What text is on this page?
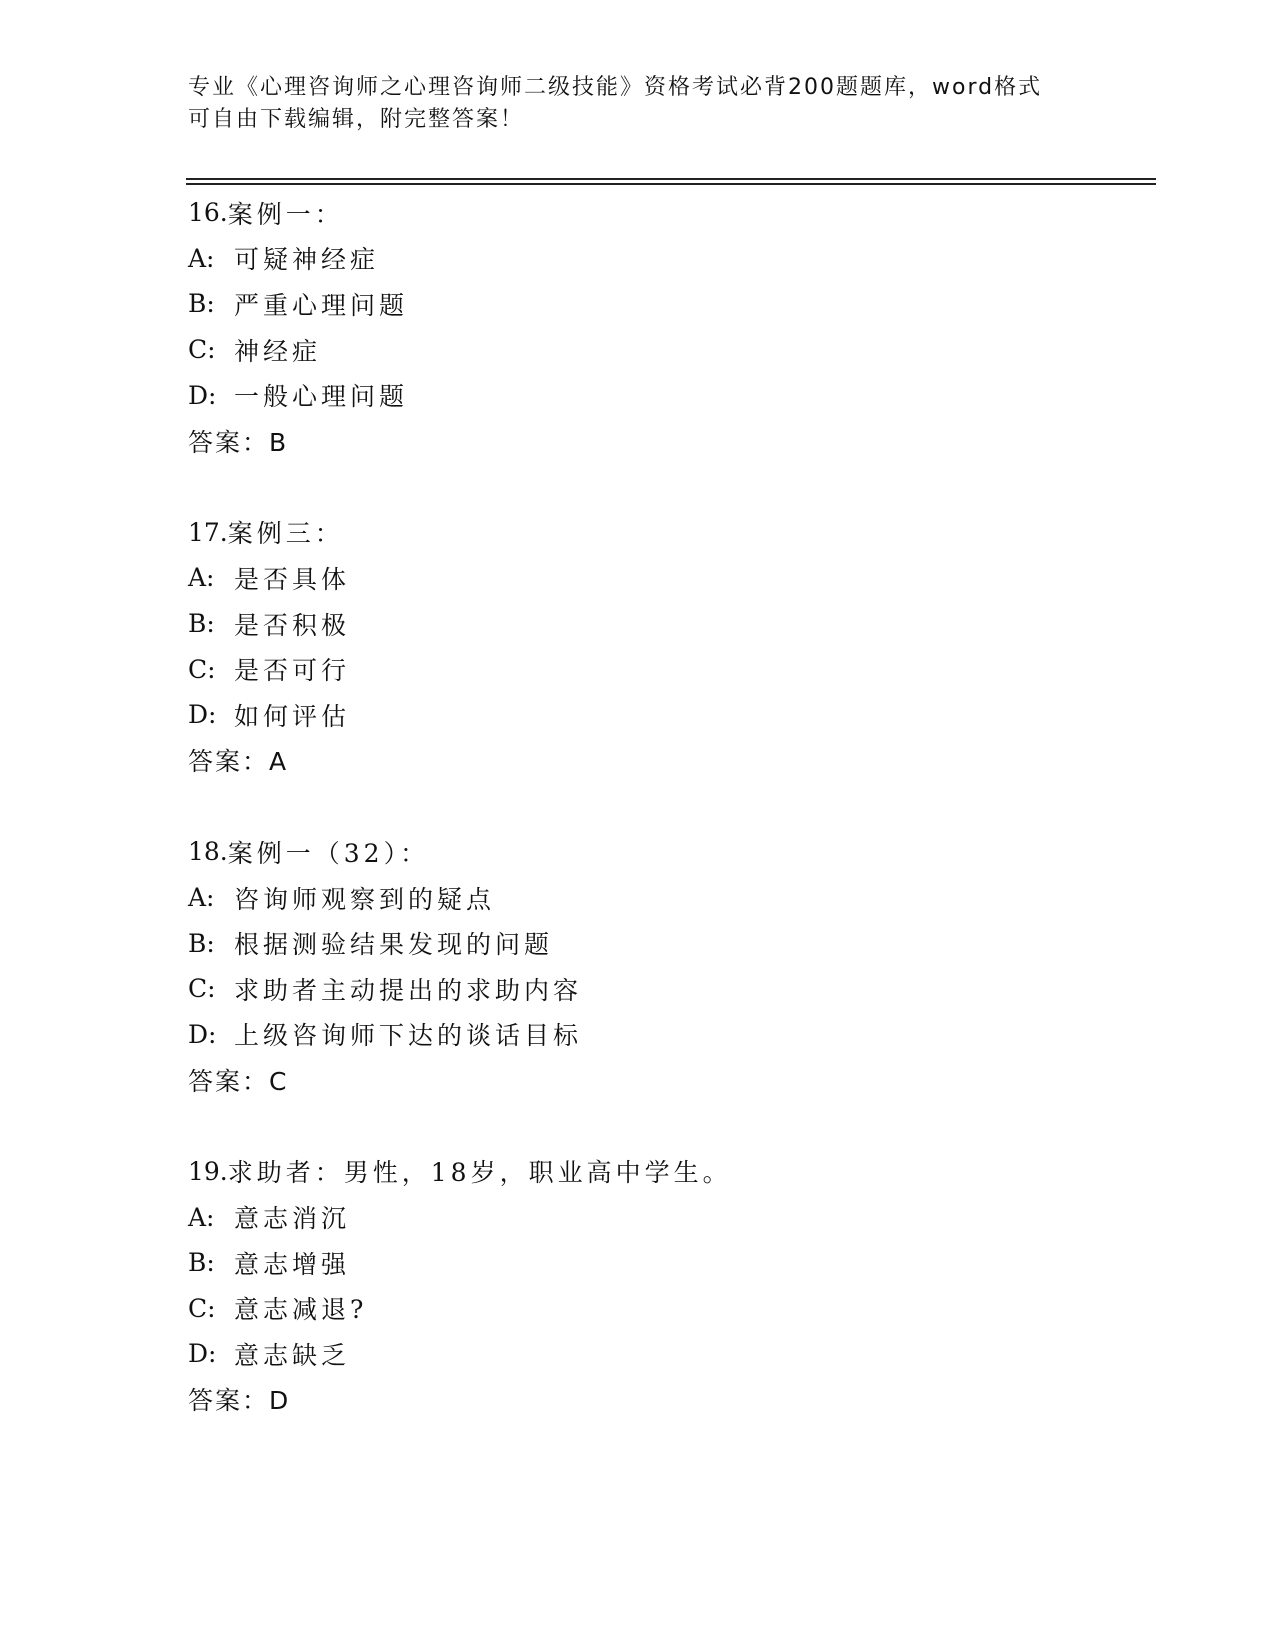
专业《心理咨询师之心理咨询师二级技能》资格考试必背200题题库，word格式
可自由下载编辑，附完整答案！
16. 案例一：
A: 可疑神经症
B: 严重心理问题
C: 神经症
D: 一般心理问题
答案：B
17. 案例三：
A: 是否具体
B: 是否积极
C: 是否可行
D: 如何评估
答案：A
18. 案例一（32）：
A: 咨询师观察到的疑点
B: 根据测验结果发现的问题
C: 求助者主动提出的求助内容
D: 上级咨询师下达的谈话目标
答案：C
19. 求助者：男性，18岁，职业高中学生。
A: 意志消沉
B: 意志增强
C: 意志减退?
D: 意志缺乏
答案：D
